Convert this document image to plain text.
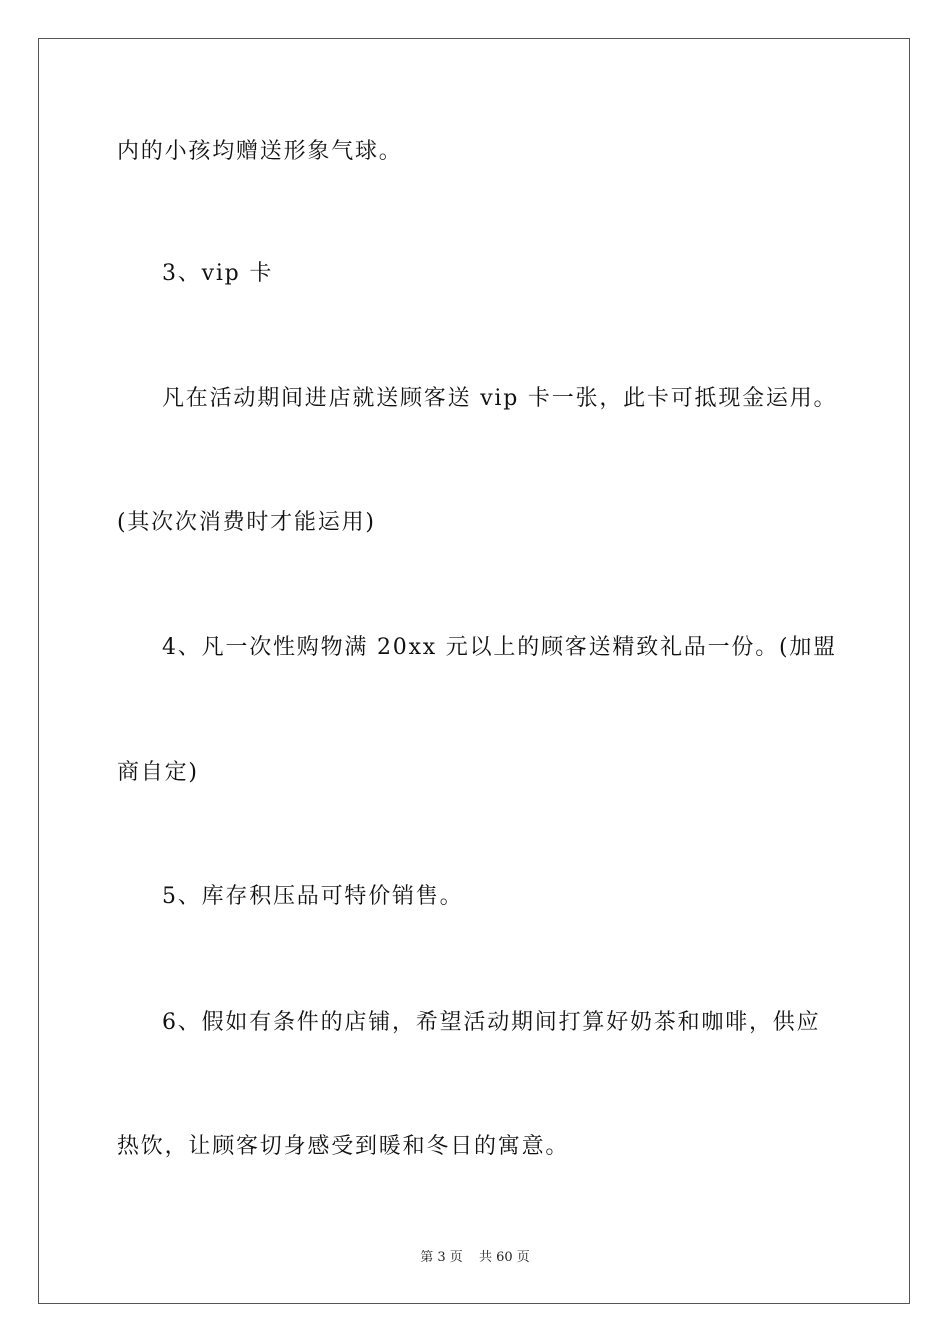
内的小孩均赠送形象气球。
3、vip 卡
凡在活动期间进店就送顾客送 vip 卡一张，此卡可抵现金运用。
(其次次消费时才能运用)
4、凡一次性购物满 20xx 元以上的顾客送精致礼品一份。(加盟
商自定)
5、库存积压品可特价销售。
6、假如有条件的店铺，希望活动期间打算好奶茶和咖啡，供应
热饮，让顾客切身感受到暖和冬日的寓意。
第 3 页 共 60 页
